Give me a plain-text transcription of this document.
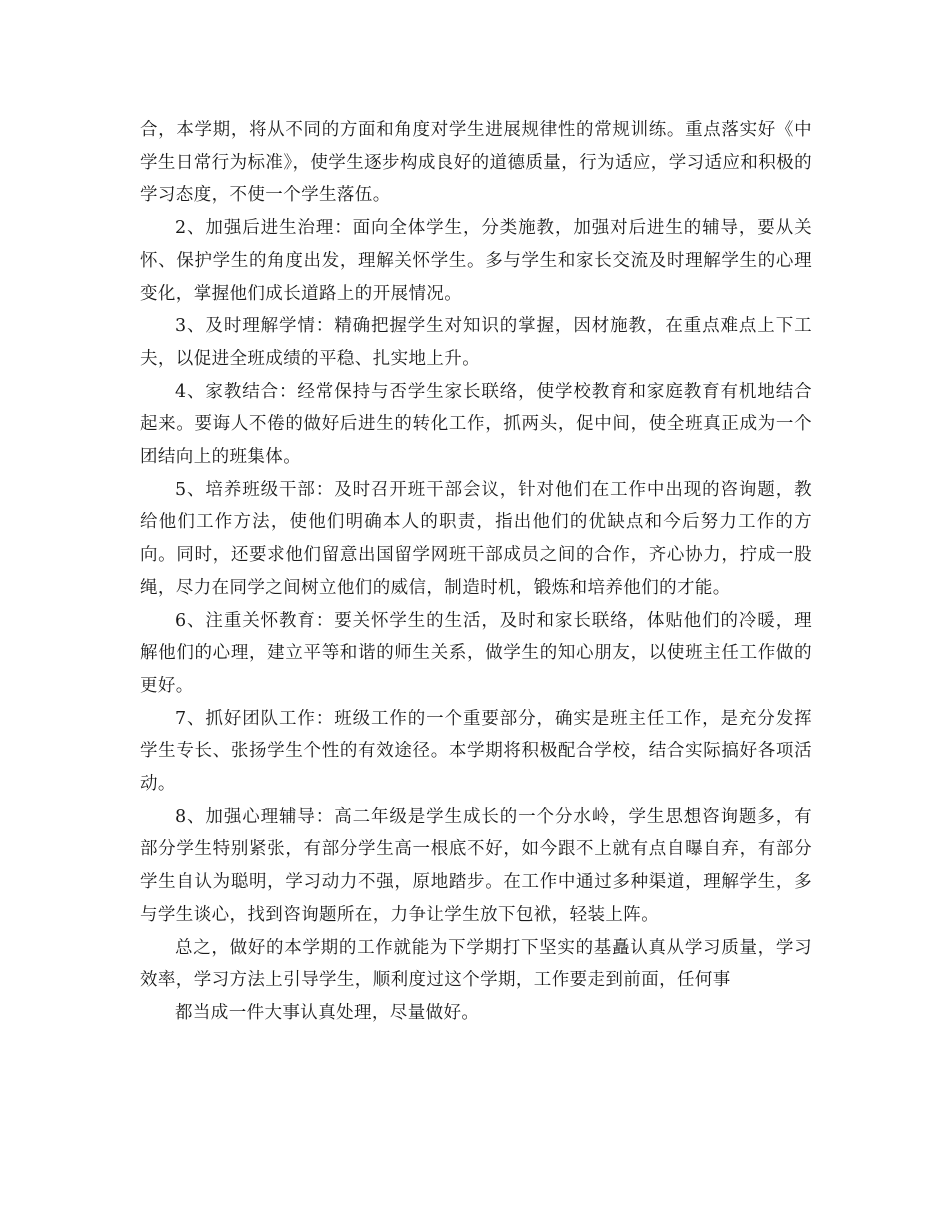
合，本学期，将从不同的方面和角度对学生进展规律性的常规训练。重点落实好《中学生日常行为标准》，使学生逐步构成良好的道德质量，行为适应，学习适应和积极的学习态度，不使一个学生落伍。

2、加强后进生治理：面向全体学生，分类施教，加强对后进生的辅导，要从关怀、保护学生的角度出发，理解关怀学生。多与学生和家长交流及时理解学生的心理变化，掌握他们成长道路上的开展情况。

3、及时理解学情：精确把握学生对知识的掌握，因材施教，在重点难点上下工夫，以促进全班成绩的平稳、扎实地上升。

4、家教结合：经常保持与否学生家长联络，使学校教育和家庭教育有机地结合起来。要诲人不倦的做好后进生的转化工作，抓两头，促中间，使全班真正成为一个团结向上的班集体。

5、培养班级干部：及时召开班干部会议，针对他们在工作中出现的咨询题，教给他们工作方法，使他们明确本人的职责，指出他们的优缺点和今后努力工作的方向。同时，还要求他们留意出国留学网班干部成员之间的合作，齐心协力，拧成一股绳，尽力在同学之间树立他们的威信，制造时机，锻炼和培养他们的才能。

6、注重关怀教育：要关怀学生的生活，及时和家长联络，体贴他们的冷暖，理解他们的心理，建立平等和谐的师生关系，做学生的知心朋友，以使班主任工作做的更好。

7、抓好团队工作：班级工作的一个重要部分，确实是班主任工作，是充分发挥学生专长、张扬学生个性的有效途径。本学期将积极配合学校，结合实际搞好各项活动。

8、加强心理辅导：高二年级是学生成长的一个分水岭，学生思想咨询题多，有部分学生特别紧张，有部分学生高一根底不好，如今跟不上就有点自曝自弃，有部分学生自认为聪明，学习动力不强，原地踏步。在工作中通过多种渠道，理解学生，多与学生谈心，找到咨询题所在，力争让学生放下包袱，轻装上阵。

总之，做好的本学期的工作就能为下学期打下坚实的基矗认真从学习质量，学习效率，学习方法上引导学生，顺利度过这个学期，工作要走到前面，任何事

都当成一件大事认真处理，尽量做好。
